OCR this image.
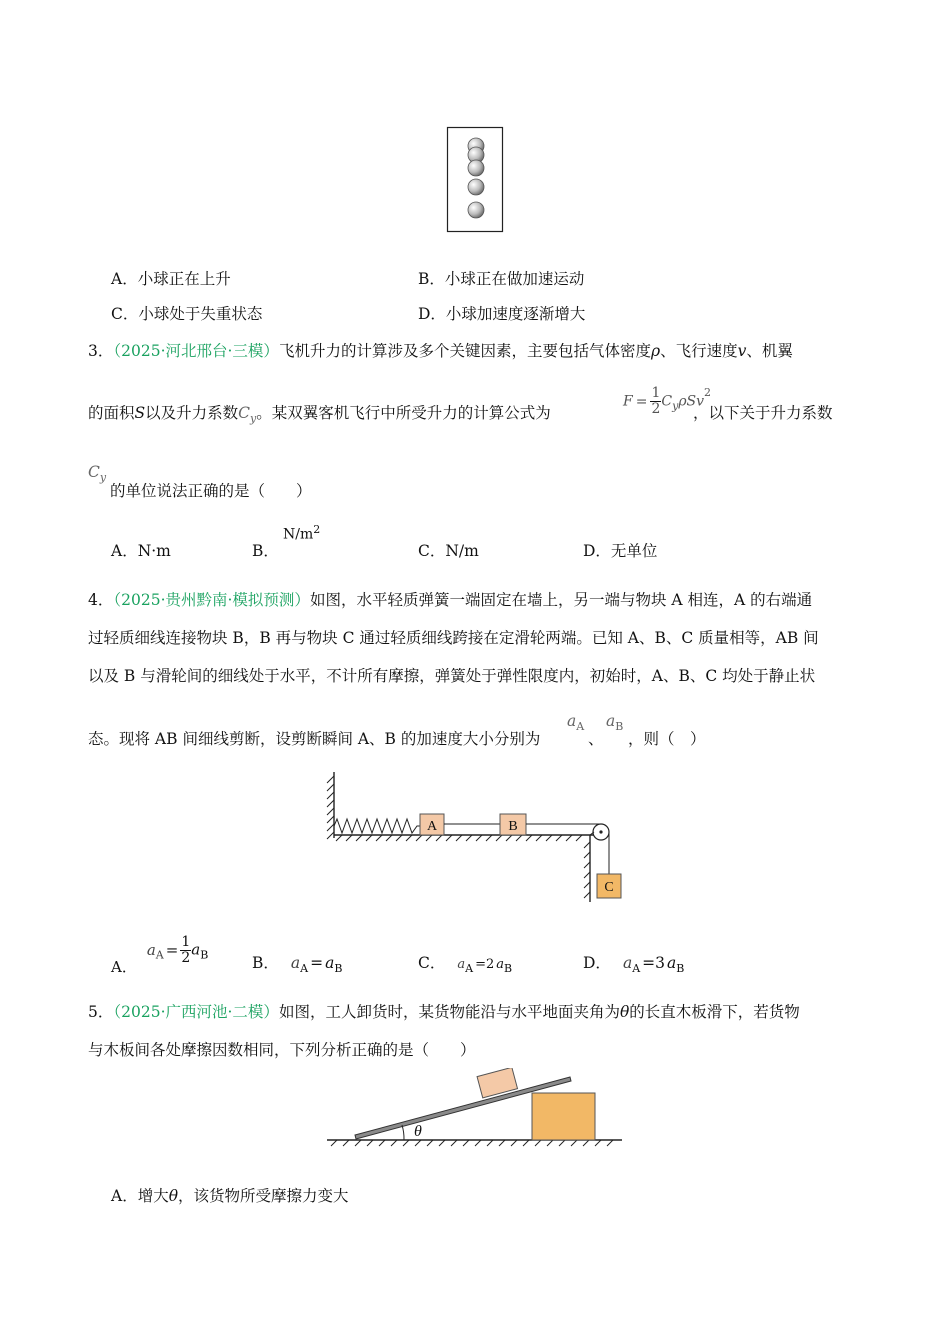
A．小球正在上升	B．小球正在做加速运动
C．小球处于失重状态	D．小球加速度逐渐增大
3．（2025·河北邢台·三模）飞机升力的计算涉及多个关键因素，主要包括气体密度ρ、飞行速度v、机翼
的面积S以及升力系数$C_y$。某双翼客机飞行中所受升力的计算公式为
$F = \frac{1}{2} C_y\rho Sv^2$
，以下关于升力系数
$C_y$
的单位说法正确的是（　　）
A．N·m	B．
$N/m^2$
C．N/m	D．无单位
4．（2025·贵州黔南·模拟预测）如图，水平轻质弹簧一端固定在墙上，另一端与物块 A 相连，A 的右端通
过轻质细线连接物块 B，B 再与物块 C 通过轻质细线跨接在定滑轮两端。已知 A、B、C 质量相等，AB 间
以及 B 与滑轮间的细线处于水平，不计所有摩擦，弹簧处于弹性限度内，初始时，A、B、C 均处于静止状
态。现将 AB 间细线剪断，设剪断瞬间 A、B 的加速度大小分别为
$a_A$
、
$a_B$
，则（　）
A	B
C
A．$a_A = \frac{1}{2} a_B$	B． $a_A = a_B$	C． $a_A =2$ $a_B$	D． $a_A =3$ $a_B$
5．（2025·广西河池·二模）如图，工人卸货时，某货物能沿与水平地面夹角为θ的长直木板滑下，若货物
与木板间各处摩擦因数相同，下列分析正确的是（　　）
θ
A．增大θ，该货物所受摩擦力变大
